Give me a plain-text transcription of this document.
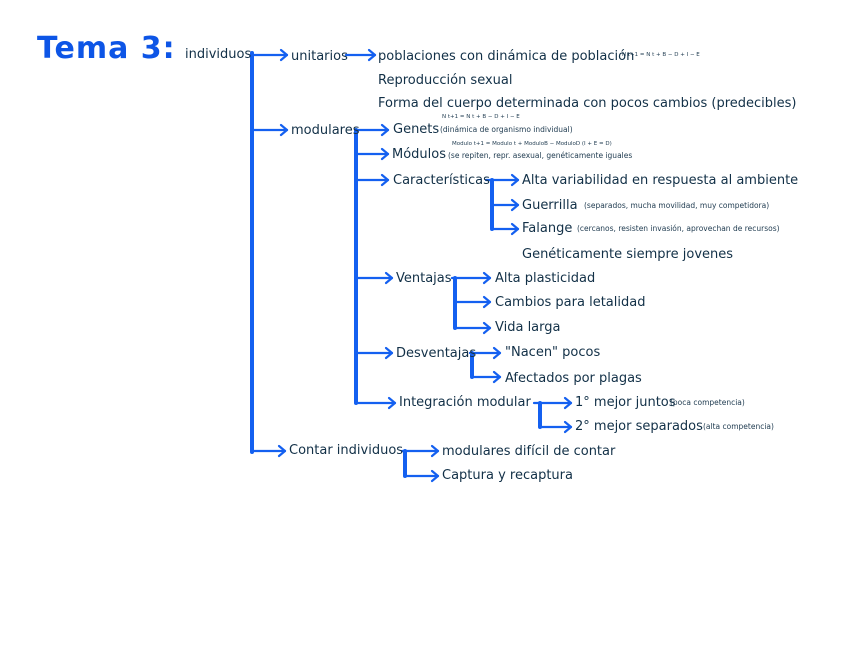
Tema 3: individuos	unitarios poblaciones con dinámica de población
N t+1 = N t + B − D + I − E
Reproducción sexual
Forma del cuerpo determinada con pocos cambios (predecibles)
modulares
N t+1 = N t + B − D + I − E
Genets (dinámica de organismo individual)
Modulo t+1 = Modulo t + ModuloB − ModuloD (I + E = D)
Módulos (se repiten, repr. asexual, genéticamente iguales
Características Alta variabilidad en respuesta al ambiente
Guerrilla (separados, mucha movilidad, muy competidora)
Falange (cercanos, resisten invasión, aprovechan de recursos)
Genéticamente siempre jovenes
Ventajas	Alta plasticidad
Cambios para letalidad
Vida larga
Desventajas "Nacen" pocos
Afectados por plagas
Integración modular	1° mejor juntos
(poca competencia)
2° mejor separados (alta competencia)
Contar individuos	modulares difícil de contar
Captura y recaptura
